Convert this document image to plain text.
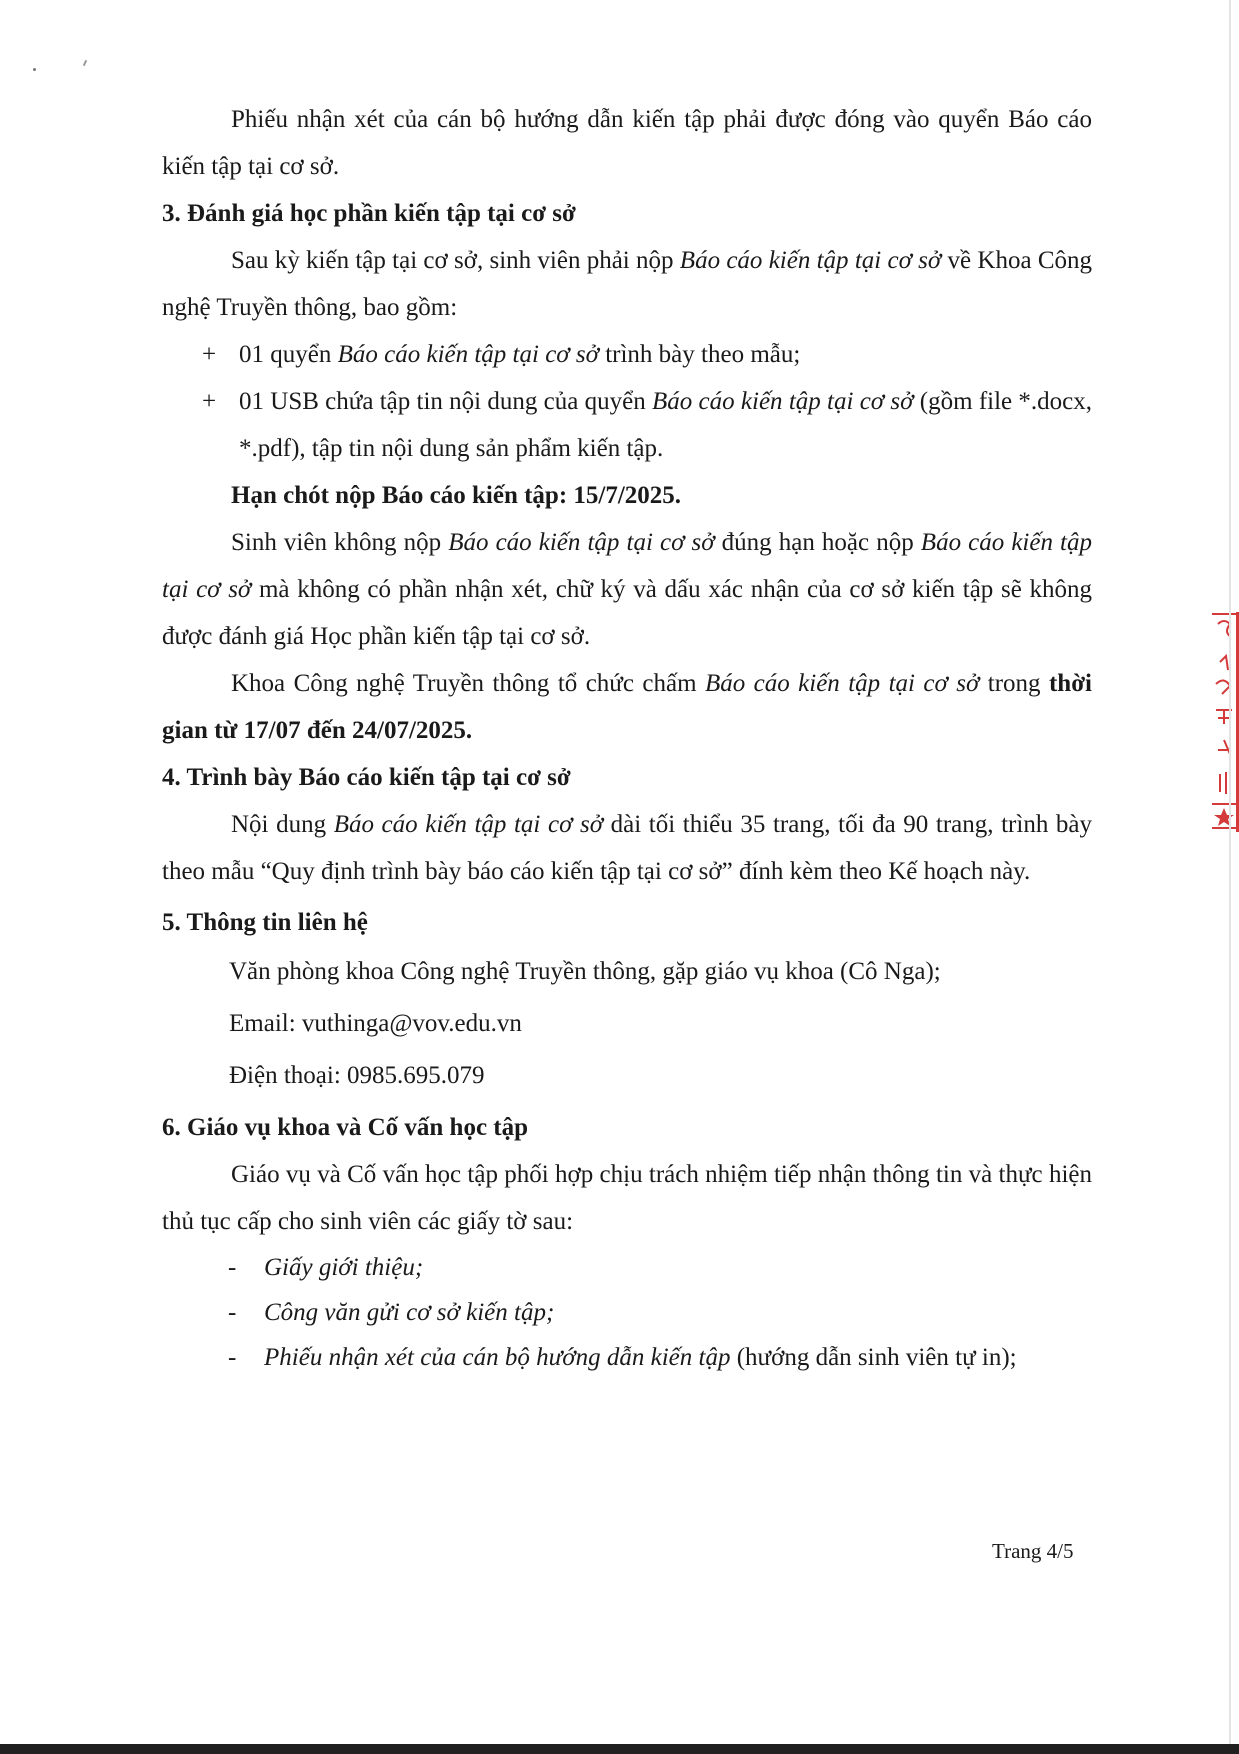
Phiếu nhận xét của cán bộ hướng dẫn kiến tập phải được đóng vào quyển Báo cáo kiến tập tại cơ sở.

3. Đánh giá học phần kiến tập tại cơ sở

Sau kỳ kiến tập tại cơ sở, sinh viên phải nộp Báo cáo kiến tập tại cơ sở về Khoa Công nghệ Truyền thông, bao gồm:

+ 01 quyển Báo cáo kiến tập tại cơ sở trình bày theo mẫu;
+ 01 USB chứa tập tin nội dung của quyển Báo cáo kiến tập tại cơ sở (gồm file *.docx, *.pdf), tập tin nội dung sản phẩm kiến tập.

Hạn chót nộp Báo cáo kiến tập: 15/7/2025.

Sinh viên không nộp Báo cáo kiến tập tại cơ sở đúng hạn hoặc nộp Báo cáo kiến tập tại cơ sở mà không có phần nhận xét, chữ ký và dấu xác nhận của cơ sở kiến tập sẽ không được đánh giá Học phần kiến tập tại cơ sở.

Khoa Công nghệ Truyền thông tổ chức chấm Báo cáo kiến tập tại cơ sở trong thời gian từ 17/07 đến 24/07/2025.

4. Trình bày Báo cáo kiến tập tại cơ sở

Nội dung Báo cáo kiến tập tại cơ sở dài tối thiểu 35 trang, tối đa 90 trang, trình bày theo mẫu “Quy định trình bày báo cáo kiến tập tại cơ sở” đính kèm theo Kế hoạch này.

5. Thông tin liên hệ

Văn phòng khoa Công nghệ Truyền thông, gặp giáo vụ khoa (Cô Nga);

Email: vuthinga@vov.edu.vn

Điện thoại: 0985.695.079

6. Giáo vụ khoa và Cố vấn học tập

Giáo vụ và Cố vấn học tập phối hợp chịu trách nhiệm tiếp nhận thông tin và thực hiện thủ tục cấp cho sinh viên các giấy tờ sau:

- Giấy giới thiệu;
- Công văn gửi cơ sở kiến tập;
- Phiếu nhận xét của cán bộ hướng dẫn kiến tập (hướng dẫn sinh viên tự in);
Trang 4/5
